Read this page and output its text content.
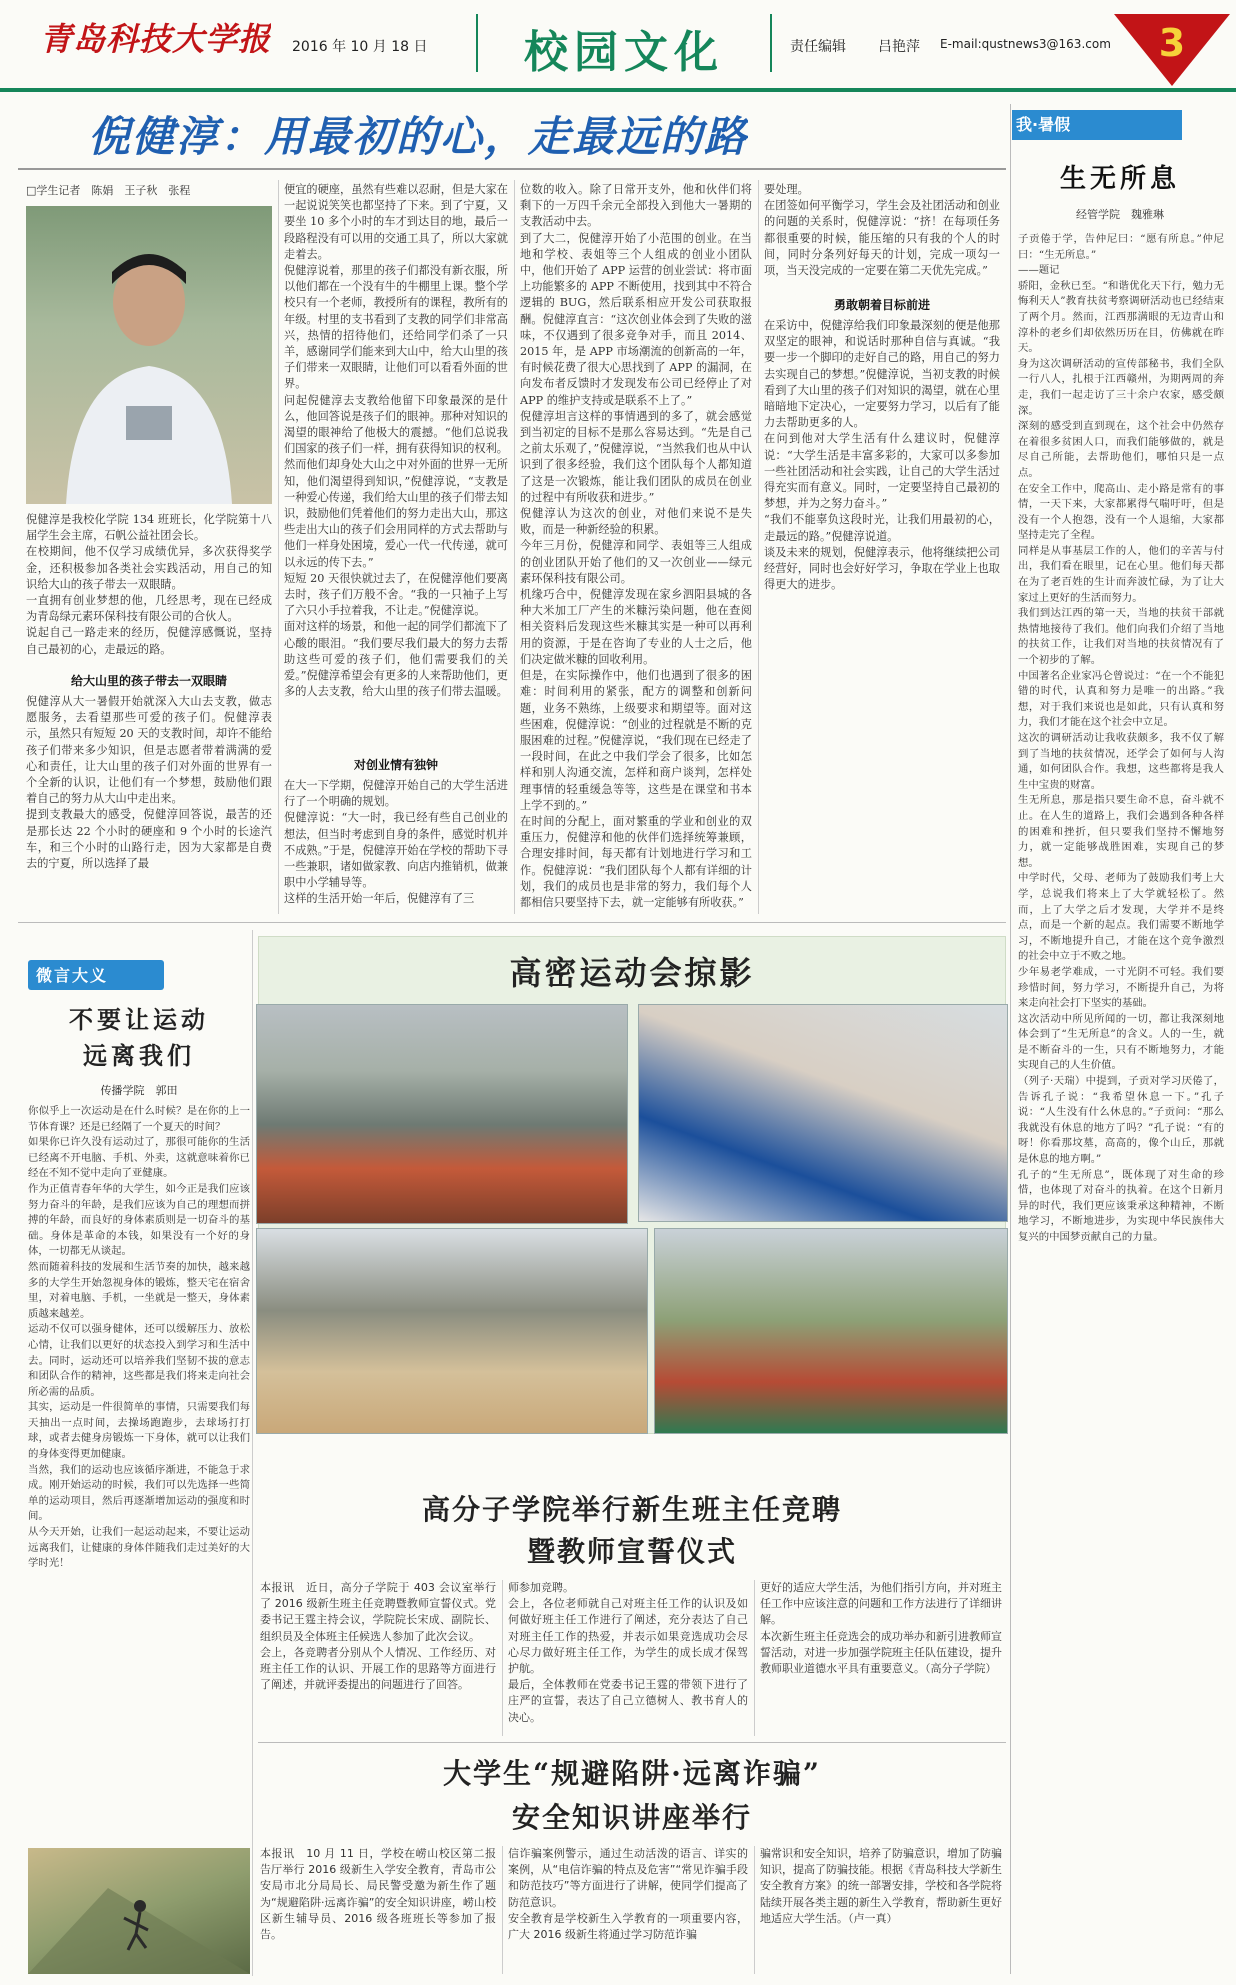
青岛科技大学报 2016 年 10 月 18 日	校园文化	责任编辑 吕艳萍 E-mail:qustnews3@163.com 3
倪健淳：用最初的心，走最远的路
□学生记者　陈娟　王子秋　张程
倪健淳是我校化学院 134 班班长，化学院第十八届学生会主席，石帆公益社团会长。
在校期间，他不仅学习成绩优异，多次获得奖学金，还积极参加各类社会实践活动，用自己的知识给大山的孩子带去一双眼睛。
一直拥有创业梦想的他，几经思考，现在已经成为青岛绿元素环保科技有限公司的合伙人。
说起自己一路走来的经历，倪健淳感慨说，坚持自己最初的心，走最远的路。
给大山里的孩子带去一双眼睛
倪健淳从大一暑假开始就深入大山去支教，做志愿服务，去看望那些可爱的孩子们。倪健淳表示，虽然只有短短 20 天的支教时间，却许不能给孩子们带来多少知识，但是志愿者带着满满的爱心和责任，让大山里的孩子们对外面的世界有一个全新的认识，让他们有一个梦想，鼓励他们跟着自己的努力从大山中走出来。
提到支教最大的感受，倪健淳回答说，最苦的还是那长达 22 个小时的硬座和 9 个小时的长途汽车，和三个小时的山路行走，因为大家都是自费去的宁夏，所以选择了最
便宜的硬座，虽然有些难以忍耐，但是大家在一起说说笑笑也都坚持了下来。到了宁夏，又要坐 10 多个小时的车才到达目的地，最后一段路程没有可以用的交通工具了，所以大家就走着去。
倪健淳说着，那里的孩子们都没有新衣服，所以他们都在一个没有牛的牛棚里上课。整个学校只有一个老师，教授所有的课程，教所有的年级。村里的支书看到了支教的同学们非常高兴，热情的招待他们，还给同学们杀了一只羊，感谢同学们能来到大山中，给大山里的孩子们带来一双眼睛，让他们可以看看外面的世界。
问起倪健淳去支教给他留下印象最深的是什么，他回答说是孩子们的眼神。那种对知识的渴望的眼神给了他极大的震撼。“他们总说我们国家的孩子们一样，拥有获得知识的权利。然而他们却身处大山之中对外面的世界一无所知，他们渴望得到知识，”倪健淳说，“支教是一种爱心传递，我们给大山里的孩子们带去知识，鼓励他们凭着他们的努力走出大山，那这些走出大山的孩子们会用同样的方式去帮助与他们一样身处困境，爱心一代一代传递，就可以永远的传下去。”
短短 20 天很快就过去了，在倪健淳他们要离去时，孩子们万般不舍。“我的一只袖子上写了六只小手拉着我，不让走。”倪健淳说。
面对这样的场景，和他一起的同学们都流下了心酸的眼泪。“我们要尽我们最大的努力去帮助这些可爱的孩子们，他们需要我们的关爱。”倪健淳希望会有更多的人来帮助他们，更多的人去支教，给大山里的孩子们带去温暖。
对创业情有独钟
在大一下学期，倪健淳开始自己的大学生活进行了一个明确的规划。
倪健淳说：“大一时，我已经有些自己创业的想法，但当时考虑到自身的条件，感觉时机并不成熟。”于是，倪健淳开始在学校的帮助下寻一些兼职，诸如做家教、向店内推销机，做兼职中小学辅导等。
这样的生活开始一年后，倪健淳有了三
位数的收入。除了日常开支外，他和伙伴们将剩下的一万四千余元全部投入到他大一暑期的支教活动中去。
到了大二，倪健淳开始了小范围的创业。在当地和学校、表姐等三个人组成的创业小团队中，他们开始了 APP 运营的创业尝试：将市面上功能繁多的 APP 不断使用，找到其中不符合逻辑的 BUG，然后联系相应开发公司获取报酬。倪健淳直言：“这次创业体会到了失败的滋味，不仅遇到了很多竞争对手，而且 2014、2015 年，是 APP 市场潮流的创新高的一年，有时候花费了很大心思找到了 APP 的漏洞，在向发布者反馈时才发现发布公司已经停止了对 APP 的维护支持或是联系不上了。”
倪健淳坦言这样的事情遇到的多了，就会感觉到当初定的目标不是那么容易达到。“先是自己之前太乐观了，”倪健淳说，“当然我们也从中认识到了很多经验，我们这个团队每个人都知道了这是一次锻炼，能让我们团队的成员在创业的过程中有所收获和进步。”
倪健淳认为这次的创业，对他们来说不是失败，而是一种新经验的积累。
今年三月份，倪健淳和同学、表姐等三人组成的创业团队开始了他们的又一次创业——绿元素环保科技有限公司。
机缘巧合中，倪健淳发现在家乡泗阳县城的各种大米加工厂产生的米糠污染问题，他在查阅相关资料后发现这些米糠其实是一种可以再利用的资源，于是在咨询了专业的人士之后，他们决定做米糠的回收利用。
但是，在实际操作中，他们也遇到了很多的困难：时间利用的紧张，配方的调整和创新问题，业务不熟练，上级要求和期望等。面对这些困难，倪健淳说：“创业的过程就是不断的克服困难的过程。”倪健淳说，“我们现在已经走了一段时间，在此之中我们学会了很多，比如怎样和别人沟通交流，怎样和商户谈判，怎样处理事情的轻重缓急等等，这些是在课堂和书本上学不到的。”
在时间的分配上，面对繁重的学业和创业的双重压力，倪健淳和他的伙伴们选择统筹兼顾，合理安排时间，每天都有计划地进行学习和工作。倪健淳说：“我们团队每个人都有详细的计划，我们的成员也是非常的努力，我们每个人都相信只要坚持下去，就一定能够有所收获。”
要处理。
在团签如何平衡学习，学生会及社团活动和创业的问题的关系时，倪健淳说：“挤！在每项任务都很重要的时候，能压缩的只有我的个人的时间，同时分条列好每天的计划，完成一项勾一项，当天没完成的一定要在第二天优先完成。”
勇敢朝着目标前进
在采访中，倪健淳给我们印象最深刻的便是他那双坚定的眼神，和说话时那种自信与真诚。“我要一步一个脚印的走好自己的路，用自己的努力去实现自己的梦想。”倪健淳说，当初支教的时候看到了大山里的孩子们对知识的渴望，就在心里暗暗地下定决心，一定要努力学习，以后有了能力去帮助更多的人。
在问到他对大学生活有什么建议时，倪健淳说：“大学生活是丰富多彩的，大家可以多参加一些社团活动和社会实践，让自己的大学生活过得充实而有意义。同时，一定要坚持自己最初的梦想，并为之努力奋斗。”
“我们不能辜负这段时光，让我们用最初的心，走最远的路。”倪健淳说道。
谈及未来的规划，倪健淳表示，他将继续把公司经营好，同时也会好好学习，争取在学业上也取得更大的进步。
我·暑假
生无所息
经管学院　魏雅琳
子贡倦于学，告仲尼曰：“愿有所息。”仲尼曰：“生无所息。”
——题记
骄阳，金秋已至。“和谐优化天下行，勉力无悔利天人”教育扶贫考察调研活动也已经结束了两个月。然而，江西那满眼的无边青山和淳朴的老乡们却依然历历在目，仿佛就在昨天。
身为这次调研活动的宣传部秘书，我们全队一行八人，扎根于江西赣州，为期两周的奔走，我们一起走访了三十余户农家，感受颇深。
深刻的感受到直到现在，这个社会中仍然存在着很多贫困人口，而我们能够做的，就是尽自己所能，去帮助他们，哪怕只是一点点。
在安全工作中，爬高山、走小路是常有的事情，一天下来，大家都累得气喘吁吁，但是没有一个人抱怨，没有一个人退缩，大家都坚持走完了全程。
同样是从事基层工作的人，他们的辛苦与付出，我们看在眼里，记在心里。他们每天都在为了老百姓的生计而奔波忙碌，为了让大家过上更好的生活而努力。
我们到达江西的第一天，当地的扶贫干部就热情地接待了我们。他们向我们介绍了当地的扶贫工作，让我们对当地的扶贫情况有了一个初步的了解。
中国著名企业家冯仑曾说过：“在一个不能犯错的时代，认真和努力是唯一的出路。”我想，对于我们来说也是如此，只有认真和努力，我们才能在这个社会中立足。
这次的调研活动让我收获颇多，我不仅了解到了当地的扶贫情况，还学会了如何与人沟通，如何团队合作。我想，这些都将是我人生中宝贵的财富。
生无所息，那是指只要生命不息，奋斗就不止。在人生的道路上，我们会遇到各种各样的困难和挫折，但只要我们坚持不懈地努力，就一定能够战胜困难，实现自己的梦想。
中学时代，父母、老师为了鼓励我们考上大学，总说我们将来上了大学就轻松了。然而，上了大学之后才发现，大学并不是终点，而是一个新的起点。我们需要不断地学习，不断地提升自己，才能在这个竞争激烈的社会中立于不败之地。
少年易老学难成，一寸光阴不可轻。我们要珍惜时间，努力学习，不断提升自己，为将来走向社会打下坚实的基础。
这次活动中所见所闻的一切，都让我深刻地体会到了“生无所息”的含义。人的一生，就是不断奋斗的一生，只有不断地努力，才能实现自己的人生价值。
（列子·天瑞）中提到，子贡对学习厌倦了，告诉孔子说：“我希望休息一下。”孔子说：“人生没有什么休息的。”子贡问：“那么我就没有休息的地方了吗？”孔子说：“有的呀！你看那坟墓，高高的，像个山丘，那就是休息的地方啊。”
孔子的“生无所息”，既体现了对生命的珍惜，也体现了对奋斗的执着。在这个日新月异的时代，我们更应该秉承这种精神，不断地学习，不断地进步，为实现中华民族伟大复兴的中国梦贡献自己的力量。
微言大义
不要让运动
远离我们
传播学院　郭田
你似乎上一次运动是在什么时候？是在你的上一节体育课？还是已经隔了一个夏天的时间？
如果你已许久没有运动过了，那很可能你的生活已经离不开电脑、手机、外卖，这就意味着你已经在不知不觉中走向了亚健康。
作为正值青春年华的大学生，如今正是我们应该努力奋斗的年龄，是我们应该为自己的理想而拼搏的年龄，而良好的身体素质则是一切奋斗的基础。身体是革命的本钱，如果没有一个好的身体，一切都无从谈起。
然而随着科技的发展和生活节奏的加快，越来越多的大学生开始忽视身体的锻炼，整天宅在宿舍里，对着电脑、手机，一坐就是一整天，身体素质越来越差。
运动不仅可以强身健体，还可以缓解压力、放松心情，让我们以更好的状态投入到学习和生活中去。同时，运动还可以培养我们坚韧不拔的意志和团队合作的精神，这些都是我们将来走向社会所必需的品质。
其实，运动是一件很简单的事情，只需要我们每天抽出一点时间，去操场跑跑步，去球场打打球，或者去健身房锻炼一下身体，就可以让我们的身体变得更加健康。
当然，我们的运动也应该循序渐进，不能急于求成。刚开始运动的时候，我们可以先选择一些简单的运动项目，然后再逐渐增加运动的强度和时间。
从今天开始，让我们一起运动起来，不要让运动远离我们，让健康的身体伴随我们走过美好的大学时光！
高密运动会掠影
高分子学院举行新生班主任竞聘
暨教师宣誓仪式
本报讯　近日，高分子学院于 403 会议室举行了 2016 级新生班主任竞聘暨教师宣誓仪式。党委书记王霆主持会议，学院院长宋成、副院长、组织员及全体班主任候选人参加了此次会议。
会上，各竞聘者分别从个人情况、工作经历、对班主任工作的认识、开展工作的思路等方面进行了阐述，并就评委提出的问题进行了回答。
师参加竞聘。
会上，各位老师就自己对班主任工作的认识及如何做好班主任工作进行了阐述，充分表达了自己对班主任工作的热爱，并表示如果竞选成功会尽心尽力做好班主任工作，为学生的成长成才保驾护航。
最后，全体教师在党委书记王霆的带领下进行了庄严的宣誓，表达了自己立德树人、教书育人的决心。
更好的适应大学生活，为他们指引方向，并对班主任工作中应该注意的问题和工作方法进行了详细讲解。
本次新生班主任竞选会的成功举办和新引进教师宣誓活动，对进一步加强学院班主任队伍建设，提升教师职业道德水平具有重要意义。（高分子学院）
大学生“规避陷阱·远离诈骗”
安全知识讲座举行
本报讯　10 月 11 日，学校在崂山校区第二报告厅举行 2016 级新生入学安全教育，青岛市公安局市北分局局长、局民警受邀为新生作了题为“规避陷阱·远离诈骗”的安全知识讲座，崂山校区新生辅导员、2016 级各班班长等参加了报告。
信诈骗案例警示，通过生动活泼的语言、详实的案例，从“电信诈骗的特点及危害”“常见诈骗手段和防范技巧”等方面进行了讲解，使同学们提高了防范意识。
安全教育是学校新生入学教育的一项重要内容，广大 2016 级新生将通过学习防范诈骗
骗常识和安全知识，培养了防骗意识，增加了防骗知识，提高了防骗技能。根据《青岛科技大学新生安全教育方案》的统一部署安排，学校和各学院将陆续开展各类主题的新生入学教育，帮助新生更好地适应大学生活。（卢一真）
